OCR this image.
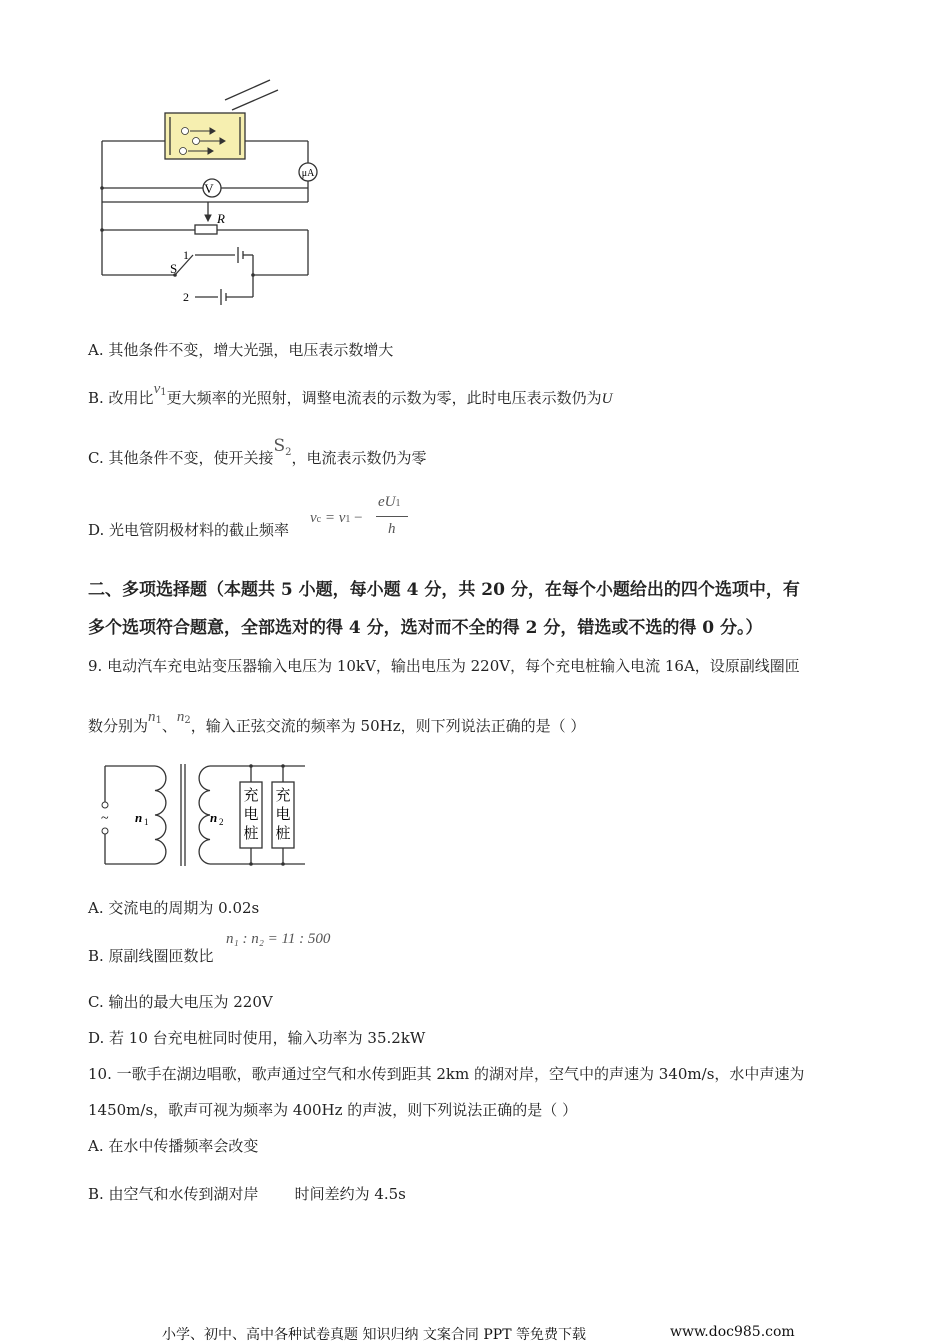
V
μA
R
S
1
2
A. 其他条件不变，增大光强，电压表示数增大
B. 改用比$\nu^1$更大频率的光照射，调整电流表的示数为零，此时电压表示数仍为U
C. 其他条件不变，使开关接$S^2$，电流表示数仍为零
D. 光电管阴极材料的截止频率
νc = ν1 −
eU1
h
二、多项选择题（本题共 5 小题，每小题 4 分，共 20 分，在每个小题给出的四个选项中，有
多个选项符合题意，全部选对的得 4 分，选对而不全的得 2 分，错选或不选的得 0 分。）
9. 电动汽车充电站变压器输入电压为 10kV，输出电压为 220V，每个充电桩输入电流 16A，设原副线圈匝
数分别为$n^1$、$n^2$，输入正弦交流的频率为 50Hz，则下列说法正确的是（ ）
~ n 1	n 2
充
电
桩
充
电
桩
A. 交流电的周期为 0.02s
B. 原副线圈匝数比
n₁ : n₂ = 11 : 500
C. 输出的最大电压为 220V
D. 若 10 台充电桩同时使用，输入功率为 35.2kW
10. 一歌手在湖边唱歌，歌声通过空气和水传到距其 2km 的湖对岸，空气中的声速为 340m/s，水中声速为
1450m/s，歌声可视为频率为 400Hz 的声波，则下列说法正确的是（ ）
A. 在水中传播频率会改变
B. 由空气和水传到湖对岸 时间差约为 4.5s
小学、初中、高中各种试卷真题 知识归纳 文案合同 PPT 等免费下载	www.doc985.com
